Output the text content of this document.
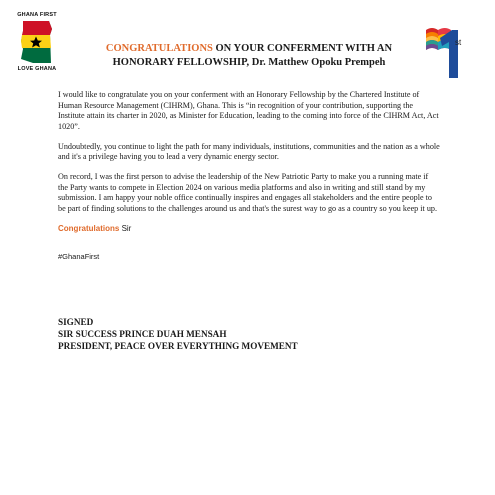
GHANA FIRST
LOVE GHANA
st
CONGRATULATIONS ON YOUR CONFERMENT WITH AN
HONORARY FELLOWSHIP, Dr. Matthew Opoku Prempeh

I would like to congratulate you on your conferment with an Honorary Fellowship by the Chartered Institute of Human Resource Management (CIHRM), Ghana. This is “in recognition of your contribution, supporting the Institute attain its charter in 2020, as Minister for Education, leading to the coming into force of the CIHRM Act, Act 1020”.

Undoubtedly, you continue to light the path for many individuals, institutions, communities and the nation as a whole and it's a privilege having you to lead a very dynamic energy sector.

On record, I was the first person to advise the leadership of the New Patriotic Party to make you a running mate if the Party wants to compete in Election 2024 on various media platforms and also in writing and still stand by my submission. I am happy your noble office continually inspires and engages all stakeholders and the entire people to be part of finding solutions to the challenges around us and that's the surest way to go as a country so you keep it up.

Congratulations Sir

#GhanaFirst

SIGNED
SIR SUCCESS PRINCE DUAH MENSAH
PRESIDENT, PEACE OVER EVERYTHING MOVEMENT
